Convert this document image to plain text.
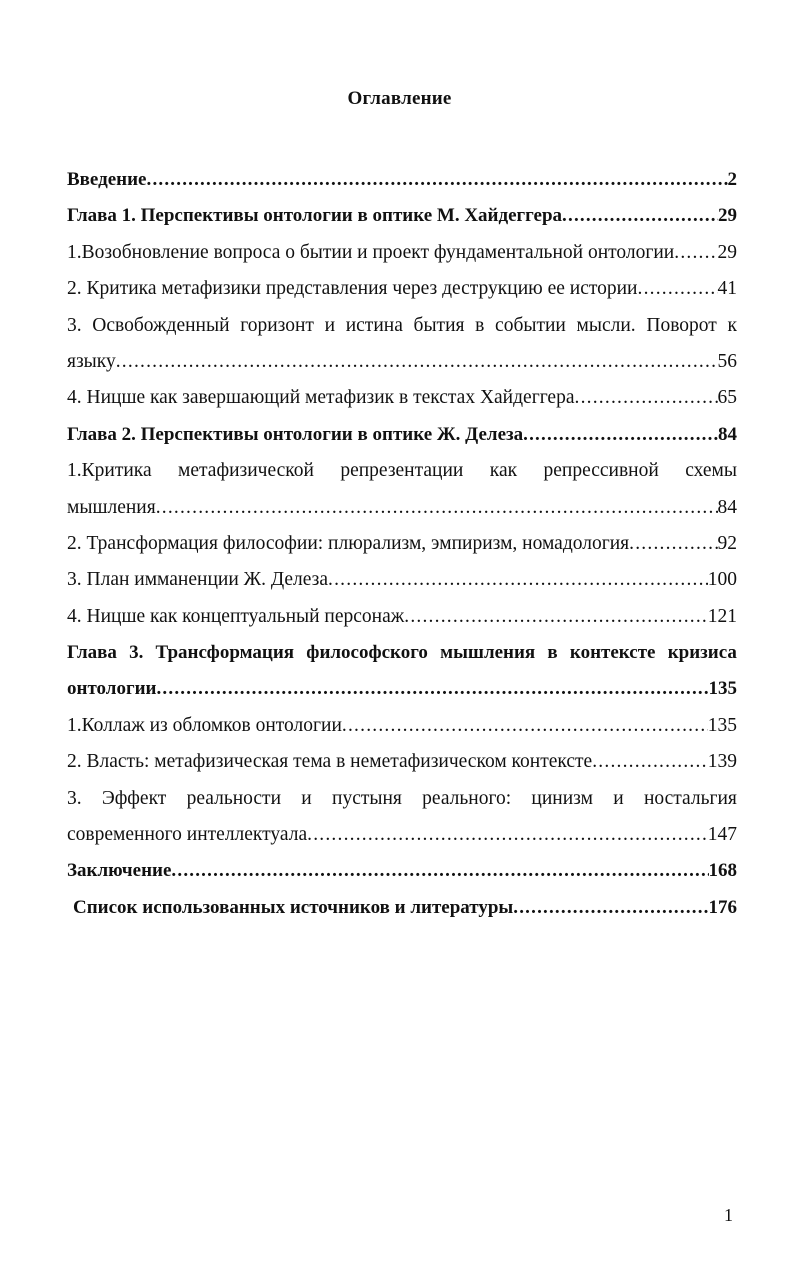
Оглавление
Введение .....	2
Глава 1. Перспективы онтологии в оптике М. Хайдеггера .....	29
1.Возобновление вопроса о бытии и проект фундаментальной онтологии ..... 29
2. Критика метафизики представления через деструкцию ее истории .....	41
3. Освобожденный горизонт и истина бытия в событии мысли. Поворот к
языку .....	56
4. Ницше как завершающий метафизик в текстах Хайдеггера .....	65
Глава 2. Перспективы онтологии в оптике Ж. Делеза .....	84
1.Критика метафизической репрезентации как репрессивной схемы
мышления .....	84
2. Трансформация философии: плюрализм, эмпиризм, номадология .....	92
3. План имманенции Ж. Делеза .....	100
4. Ницше как концептуальный персонаж .....	121
Глава 3. Трансформация философского мышления в контексте кризиса
онтологии .....	135
1.Коллаж из обломков онтологии .....	135
2. Власть: метафизическая тема в неметафизическом контексте .....	139
3. Эффект реальности и пустыня реального: цинизм и ностальгия
современного интеллектуала .....	147
Заключение .....	168
Список использованных источников и литературы .....	176
1
